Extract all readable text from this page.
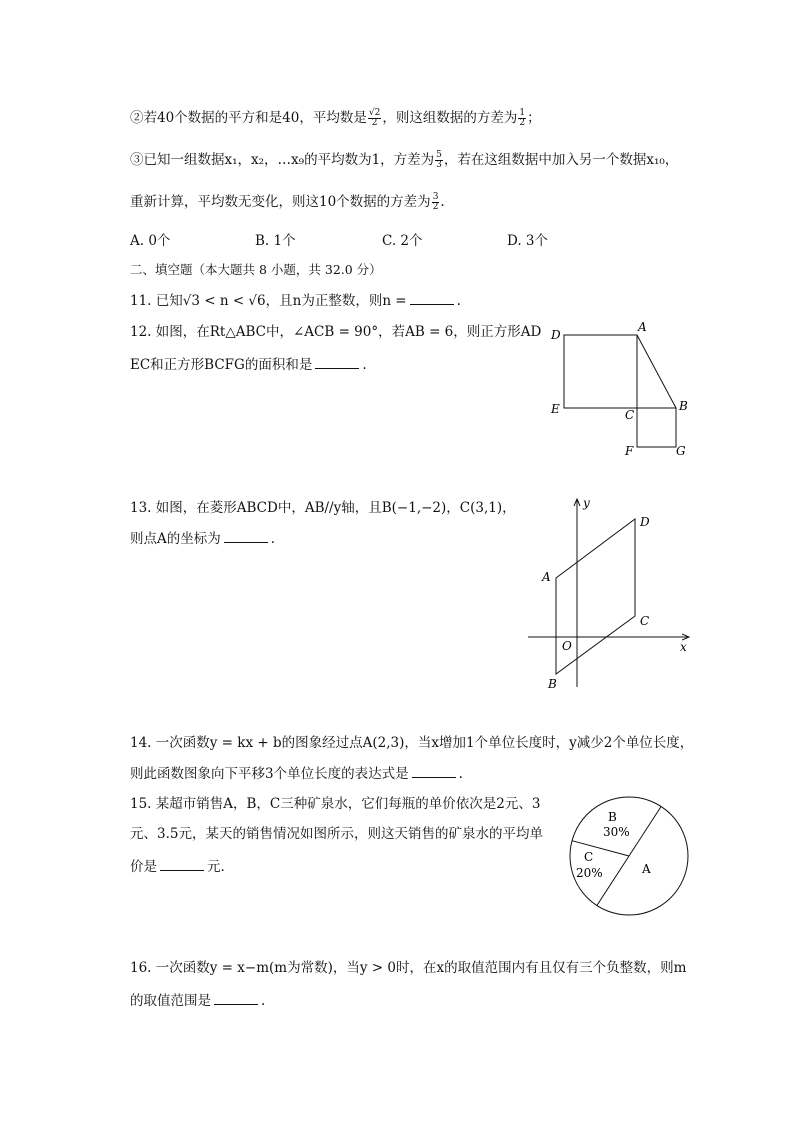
②若40个数据的平方和是40，平均数是 $\frac{√2}{2}$ ，则这组数据的方差为 $\frac{1}{2}$ ；
③已知一组数据x₁，x₂，…x₉的平均数为1，方差为 $\frac{5}{3}$ ，若在这组数据中加入另一个数据x₁₀，
重新计算，平均数无变化，则这10个数据的方差为 $\frac{3}{2}$ .
A. 0个	B. 1个	C. 2个	D. 3个
二、填空题（本大题共 8 小题，共 32.0 分）
11. 已知√3 < n < √6，且n为正整数，则n =	.
12. 如图，在Rt△ABC中，∠ACB = 90°，若AB = 6，则正方形AD
EC和正方形BCFG的面积和是	.
D
A
E	C
B
F	G
13. 如图，在菱形ABCD中，AB//y轴，且B(−1,−2)，C(3,1)，
则点A的坐标为	.
y
x
O
A
B
C
D
14. 一次函数y = kx + b的图象经过点A(2,3)，当x增加1个单位长度时，y减少2个单位长度，
则此函数图象向下平移3个单位长度的表达式是	.
15. 某超市销售A，B，C三种矿泉水，它们每瓶的单价依次是2元、3
元、3.5元，某天的销售情况如图所示，则这天销售的矿泉水的平均单
价是	元.
B
30%
C
20%	A
16. 一次函数y = x−m(m为常数)，当y > 0时，在x的取值范围内有且仅有三个负整数，则m
的取值范围是	.
